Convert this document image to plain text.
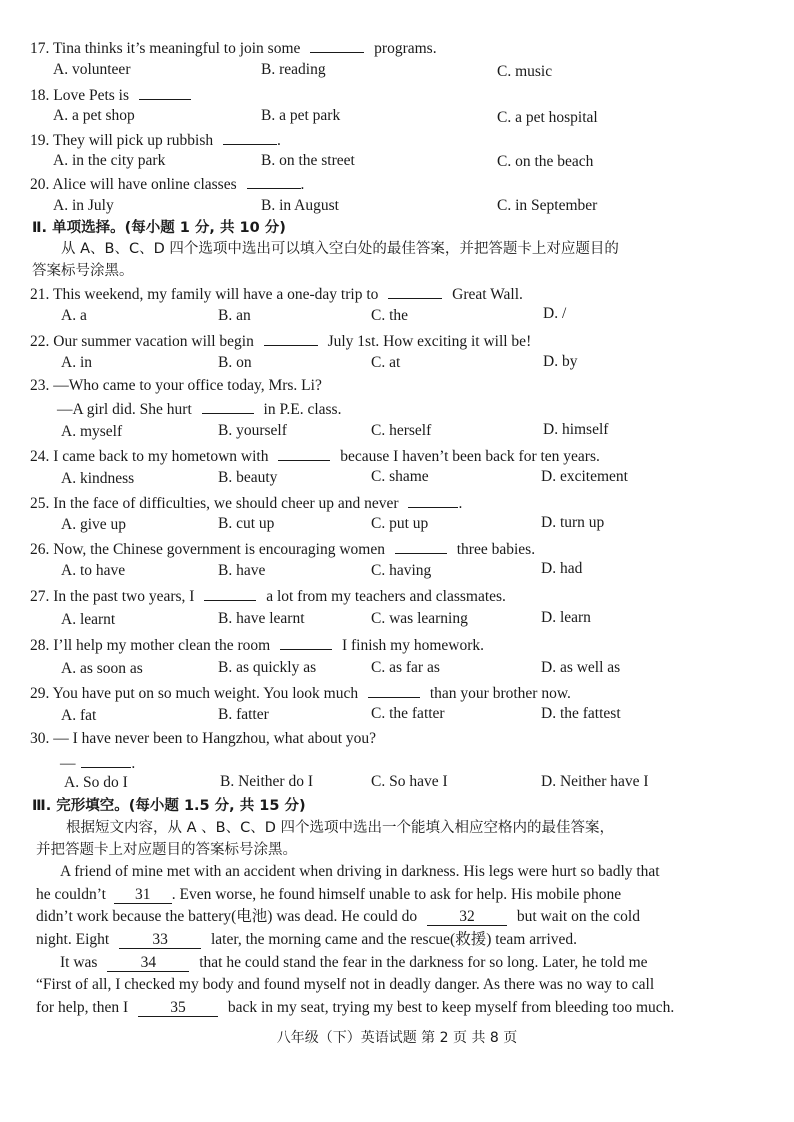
17. Tina thinks it’s meaningful to join some	programs.
A. volunteer	B. reading	C. music
18. Love Pets is
A. a pet shop	B. a pet park	C. a pet hospital
19. They will pick up rubbish	.
A. in the city park	B. on the street	C. on the beach
20. Alice will have online classes	.
A. in July	B. in August	C. in September
Ⅱ. 单项选择。(每小题 1 分, 共 10 分)
从 A、B、C、D 四个选项中选出可以填入空白处的最佳答案，并把答题卡上对应题目的
答案标号涂黑。
21. This weekend, my family will have a one-day trip to	Great Wall.
A. a	B. an	C. the	D. /
22. Our summer vacation will begin	July 1st. How exciting it will be!
A. in	B. on	C. at	D. by
23. —Who came to your office today, Mrs. Li?
—A girl did. She hurt	in P.E. class.
A. myself	B. yourself	C. herself	D. himself
24. I came back to my hometown with	because I haven’t been back for ten years.
A. kindness	B. beauty	C. shame	D. excitement
25. In the face of difficulties, we should cheer up and never	.
A. give up	B. cut up	C. put up	D. turn up
26. Now, the Chinese government is encouraging women	three babies.
A. to have	B. have	C. having	D. had
27. In the past two years, I	a lot from my teachers and classmates.
A. learnt	B. have learnt	C. was learning	D. learn
28. I’ll help my mother clean the room	I finish my homework.
A. as soon as	B. as quickly as	C. as far as	D. as well as
29. You have put on so much weight. You look much	than your brother now.
A. fat	B. fatter	C. the fatter	D. the fattest
30. — I have never been to Hangzhou, what about you?
—	.
A. So do I	B. Neither do I	C. So have I	D. Neither have I
Ⅲ. 完形填空。(每小题 1.5 分, 共 15 分)
根据短文内容，从 A 、B、C、D 四个选项中选出一个能填入相应空格内的最佳答案，
并把答题卡上对应题目的答案标号涂黑。
A friend of mine met with an accident when driving in darkness. His legs were hurt so badly that
he couldn’t 31 . Even worse, he found himself unable to ask for help. His mobile phone
didn’t work because the battery(电池) was dead. He could do	32	but wait on the cold
night. Eight	33	later, the morning came and the rescue(救援) team arrived.
It was	34	that he could stand the fear in the darkness for so long. Later, he told me
“First of all, I checked my body and found myself not in deadly danger. As there was no way to call
for help, then I	35	back in my seat, trying my best to keep myself from bleeding too much.
八年级（下）英语试题 第 2 页 共 8 页
